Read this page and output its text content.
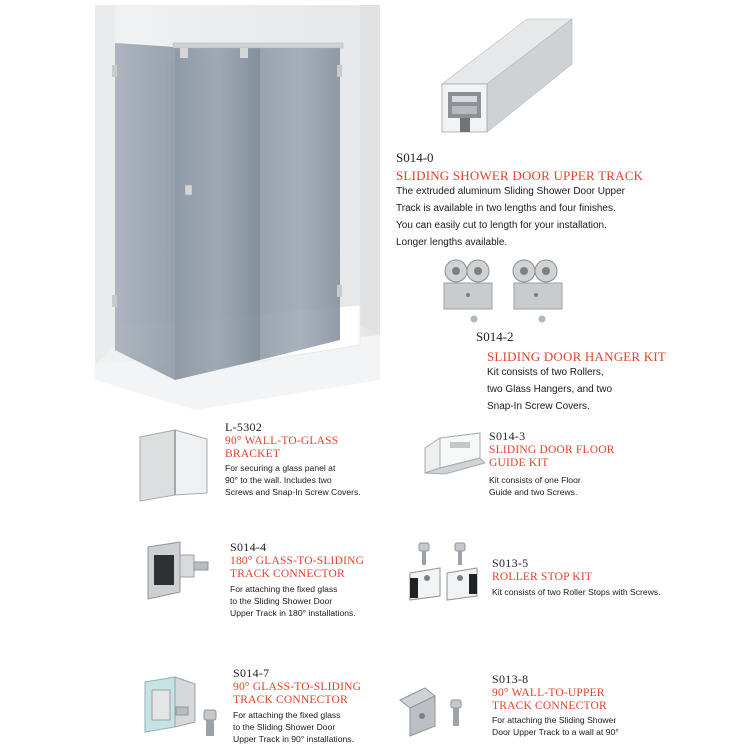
S014-0
SLIDING SHOWER DOOR UPPER TRACK
The extruded aluminum Sliding Shower Door Upper
Track is available in two lengths and four finishes.
You can easily cut to length for your installation.
Longer lengths available.
S014-2
SLIDING DOOR HANGER KIT
Kit consists of two Rollers,
two Glass Hangers, and two
Snap-In Screw Covers.
L-5302
90° WALL-TO-GLASS
BRACKET
For securing a glass panel at
90° to the wall. Includes two
Screws and Snap-In Screw Covers.
S014-3
SLIDING DOOR FLOOR
GUIDE KIT
Kit consists of one Floor
Guide and two Screws.
S014-4
180° GLASS-TO-SLIDING
TRACK CONNECTOR
For attaching the fixed glass
to the Sliding Shower Door
Upper Track in 180° installations.
S013-5
ROLLER STOP KIT
Kit consists of two Roller Stops with Screws.
S014-7
90° GLASS-TO-SLIDING
TRACK CONNECTOR
For attaching the fixed glass
to the Sliding Shower Door
Upper Track in 90° installations.
S013-8
90° WALL-TO-UPPER
TRACK CONNECTOR
For attaching the Sliding Shower
Door Upper Track to a wall at 90°
